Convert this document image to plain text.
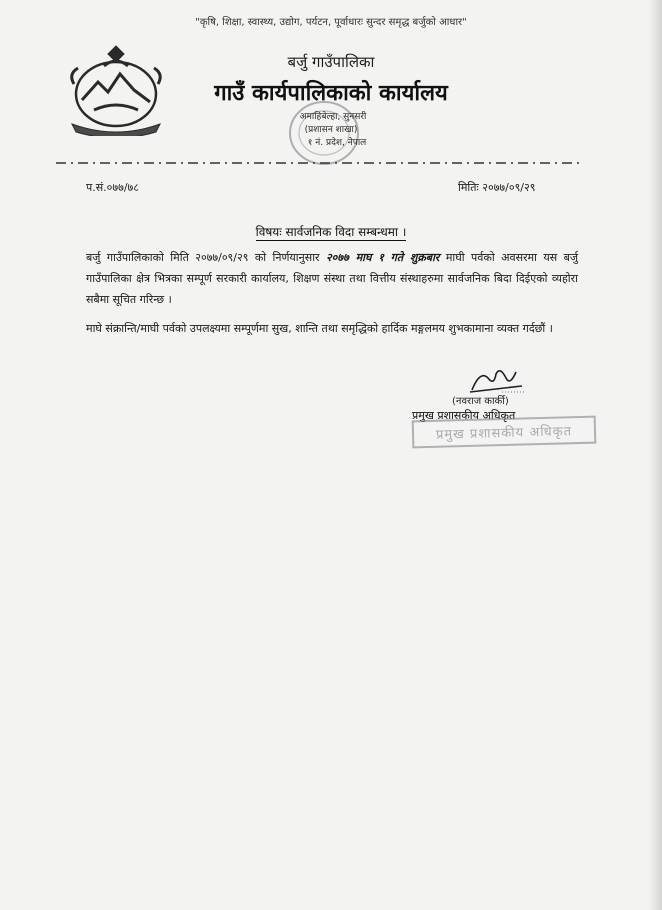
"कृषि, शिक्षा, स्वास्थ्य, उद्योग, पर्यटन, पूर्वाधारः सुन्दर समृद्ध बर्जुको आधार"
बर्जु गाउँपालिका
गाउँ कार्यपालिकाको कार्यालय
अमाहिबेल्हा, सुनसरी
(प्रशासन शाखा)
१ नं. प्रदेश, नेपाल
प.सं.०७७/७८	मितिः २०७७/०९/२९
विषयः सार्वजनिक विदा सम्बन्धमा ।
बर्जु गाउँपालिकाको मिति २०७७/०९/२९ को निर्णयानुसार २०७७ माघ १ गते शुक्रबार माघी पर्वको अवसरमा यस बर्जु गाउँपालिका क्षेत्र भित्रका सम्पूर्ण सरकारी कार्यालय, शिक्षण संस्था तथा वित्तीय संस्थाहरुमा सार्वजनिक बिदा दिईएको व्यहोरा सबैमा सूचित गरिन्छ ।
माघे संक्रान्ति/माघी पर्वको उपलक्ष्यमा सम्पूर्णमा सुख, शान्ति तथा समृद्धिको हार्दिक मङ्गलमय शुभकामाना व्यक्त गर्दछौं ।
(नवराज कार्की)
प्रमुख प्रशासकीय अधिकृत
प्रमुख प्रशासकीय अधिकृत
